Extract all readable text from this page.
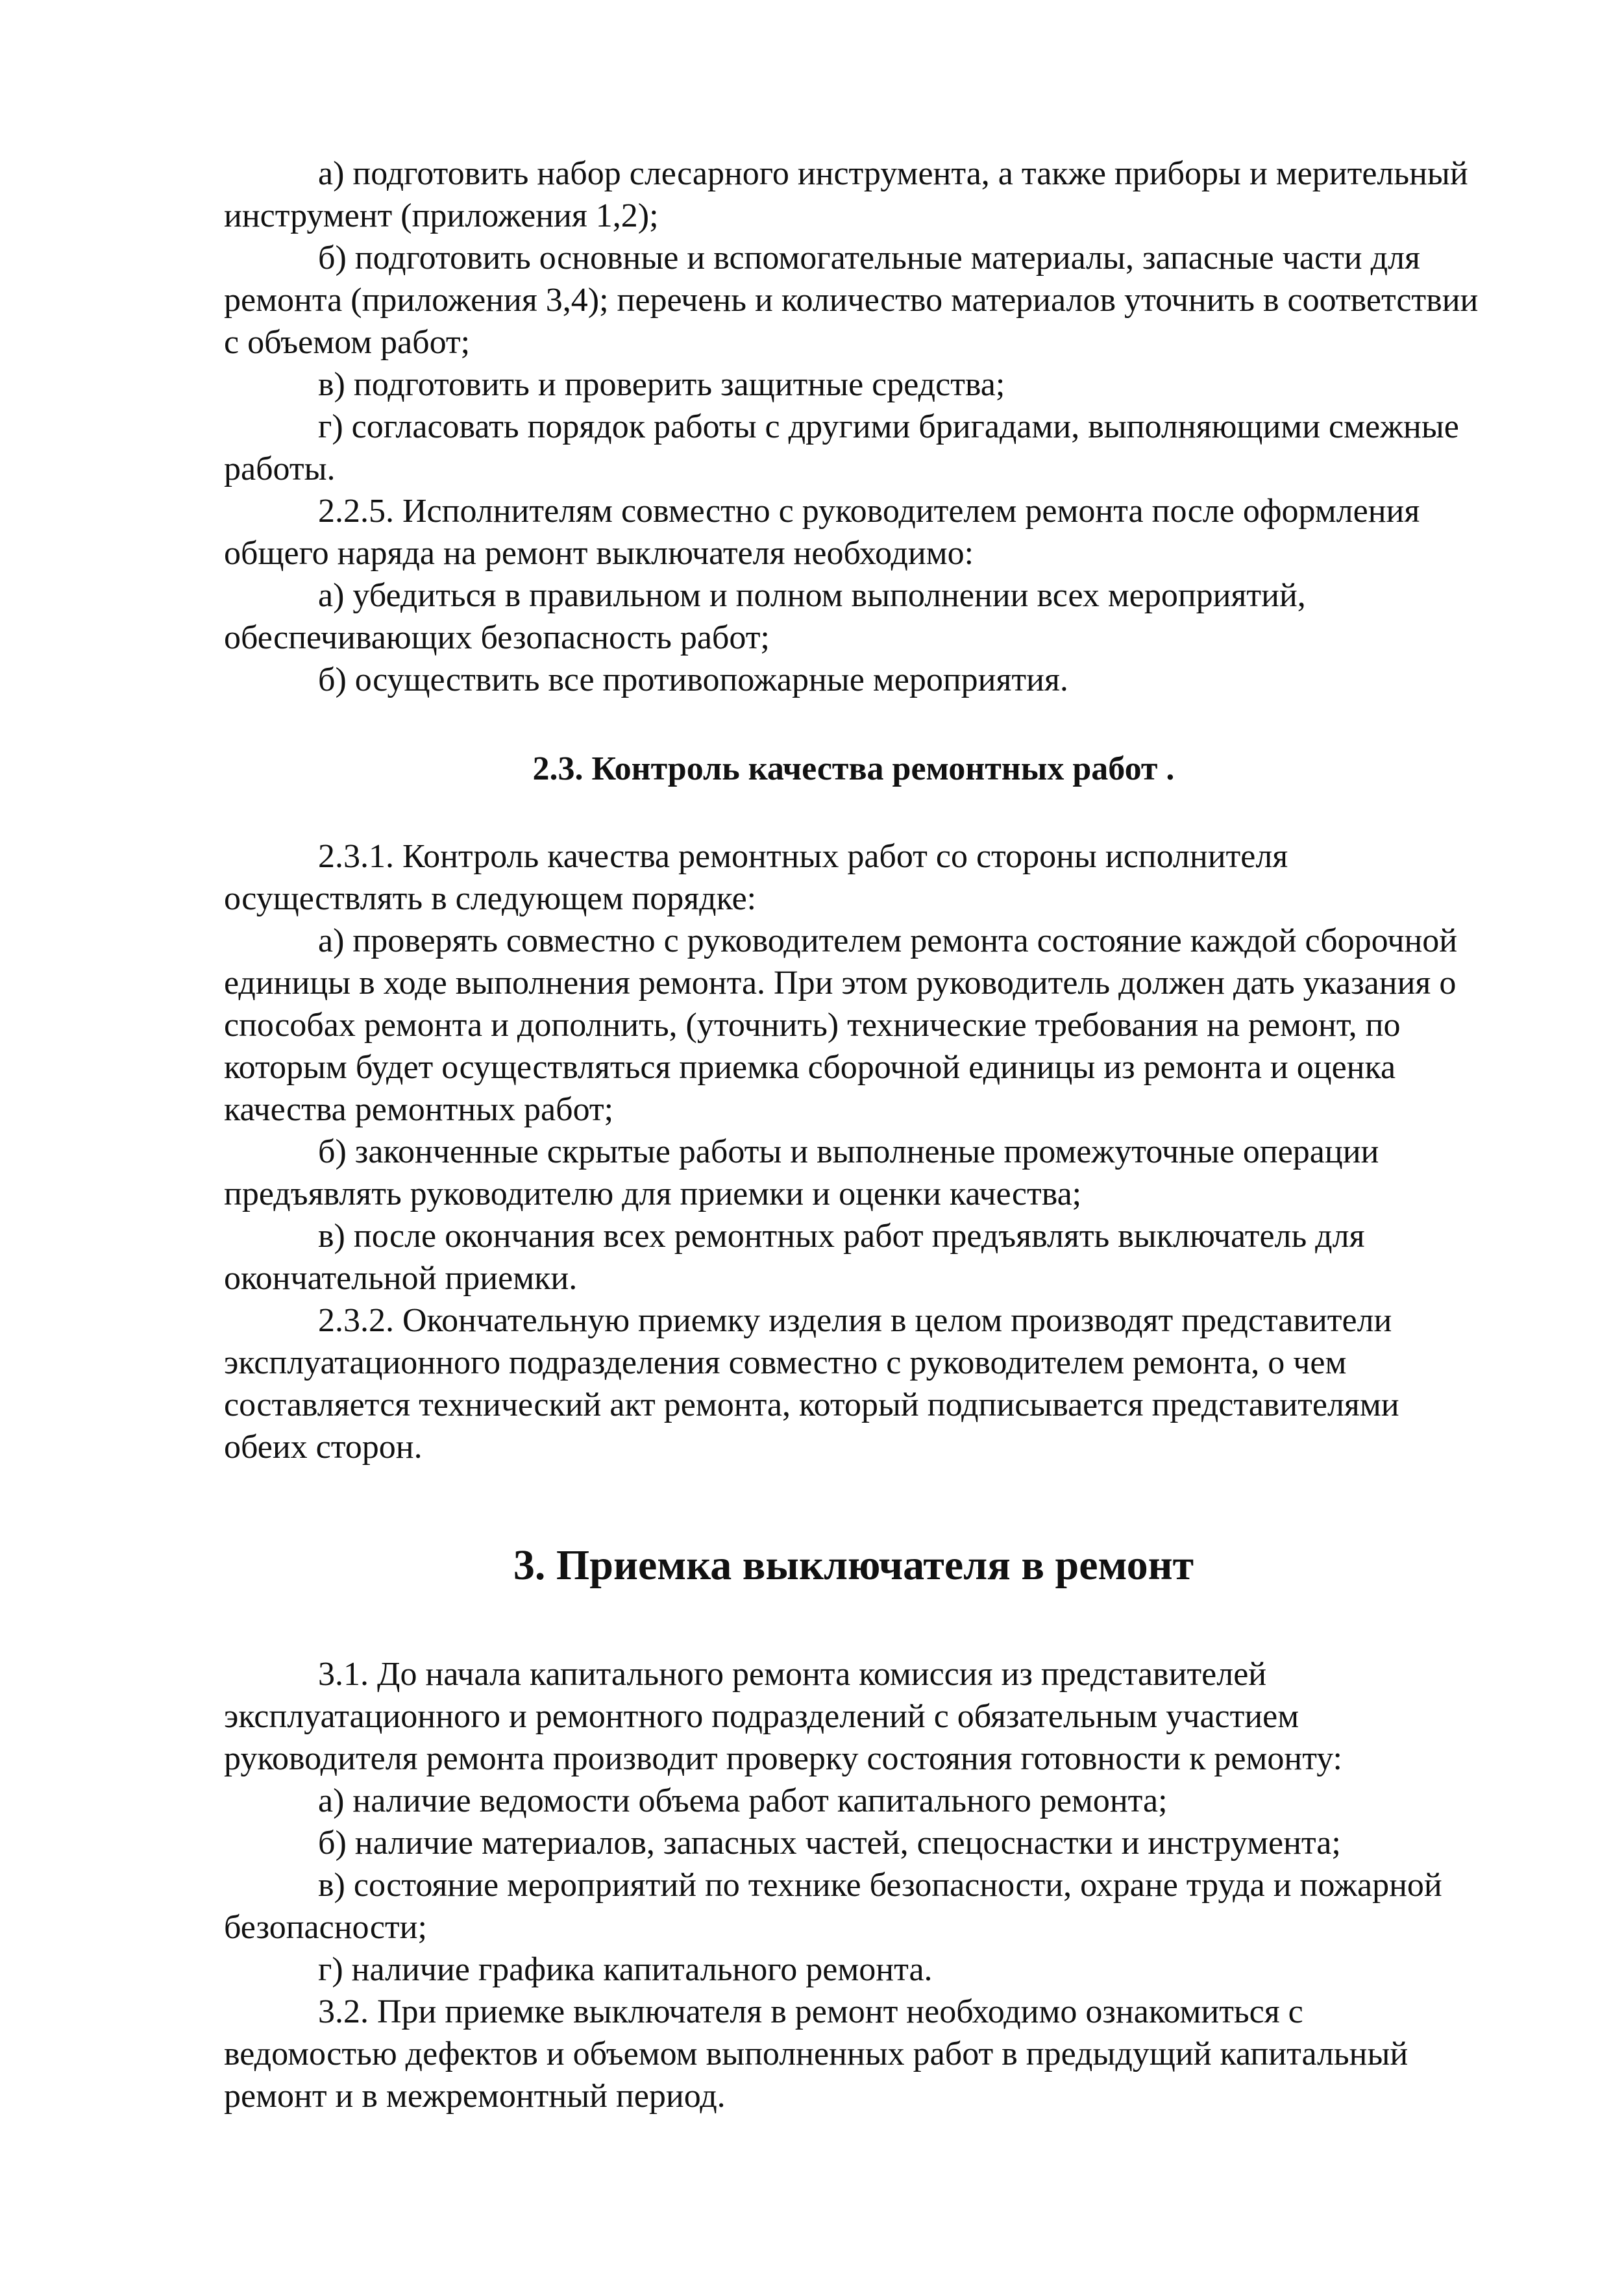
а) подготовить набор слесарного инструмента, а также приборы и мерительный инструмент (приложения 1,2);

б) подготовить основные и вспомогательные материалы, запасные части для ремонта (приложения 3,4); перечень и количество материалов уточнить в соответствии с объемом работ;

в) подготовить и проверить защитные средства;

г) согласовать порядок работы с другими бригадами, выполняющими смежные работы.

2.2.5. Исполнителям совместно с руководителем ремонта после оформления общего наряда на ремонт выключателя необходимо:

а) убедиться в правильном и полном выполнении всех мероприятий, обеспечивающих безопасность работ;

б) осуществить все противопожарные мероприятия.

2.3. Контроль качества ремонтных работ .

2.3.1. Контроль качества ремонтных работ со стороны исполнителя осуществлять в следующем порядке:

а) проверять совместно с руководителем ремонта состояние каждой сборочной единицы в ходе выполнения ремонта. При этом руководитель должен дать указания о способах ремонта и дополнить, (уточнить) технические требования на ремонт, по которым будет осуществляться приемка сборочной единицы из ремонта и оценка качества ремонтных работ;

б) законченные скрытые работы и выполненые промежуточные операции предъявлять руководителю для приемки и оценки качества;

в) после окончания всех ремонтных работ предъявлять выключатель для окончательной приемки.

2.3.2. Окончательную приемку изделия в целом производят представители эксплуатационного подразделения совместно с руководителем ремонта, о чем составляется технический акт ремонта, который подписывается представителями обеих сторон.

3. Приемка выключателя в ремонт

3.1. До начала капитального ремонта комиссия из представителей эксплуатационного и ремонтного подразделений с обязательным участием руководителя ремонта производит проверку состояния готовности к ремонту:

а) наличие ведомости объема работ капитального ремонта;

б) наличие материалов, запасных частей, спецоснастки и инструмента;

в) состояние мероприятий по технике безопасности, охране труда и пожарной безопасности;

г) наличие графика капитального ремонта.

3.2. При приемке выключателя в ремонт необходимо ознакомиться с ведомостью дефектов и объемом выполненных работ в предыдущий капитальный ремонт и в межремонтный период.
